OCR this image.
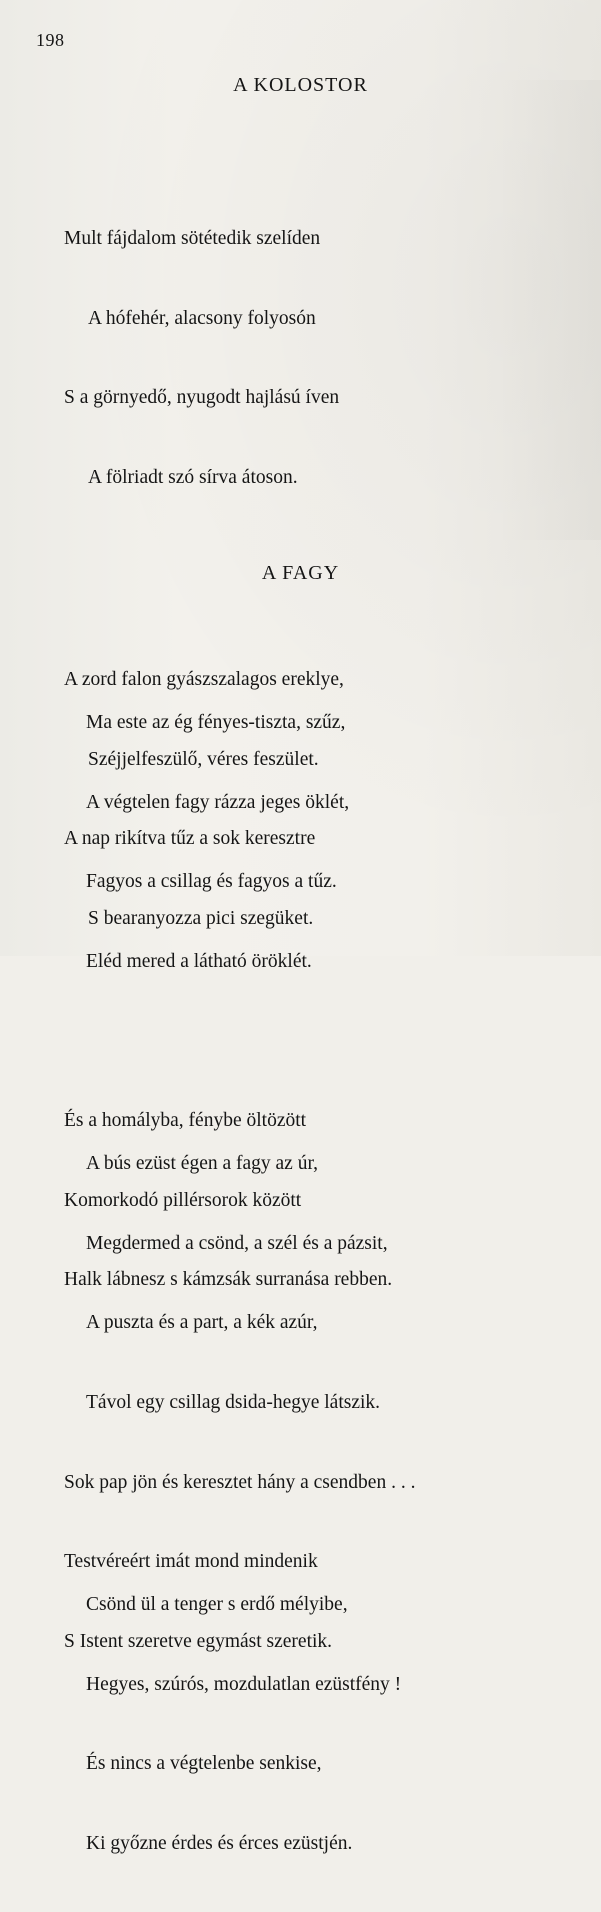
198
A KOLOSTOR

Mult fájdalom sötétedik szelíden

A hófehér, alacsony folyosón

S a görnyedő, nyugodt hajlású íven

A fölriadt szó sírva átoson.

A zord falon gyászszalagos ereklye,

Széjjelfeszülő, véres feszület.

A nap rikítva tűz a sok keresztre

S bearanyozza pici szegüket.

És a homályba, fénybe öltözött

Komorkodó pillérsorok között

Halk lábnesz s kámzsák surranása rebben.

Sok pap jön és keresztet hány a csendben . . .

Testvéreért imát mond mindenik

S Istent szeretve egymást szeretik.

A FAGY

Ma este az ég fényes-tiszta, szűz,

A végtelen fagy rázza jeges öklét,

Fagyos a csillag és fagyos a tűz.

Eléd mered a látható öröklét.

A bús ezüst égen a fagy az úr,

Megdermed a csönd, a szél és a pázsit,

A puszta és a part, a kék azúr,

Távol egy csillag dsida-hegye látszik.

Csönd ül a tenger s erdő mélyibe,

Hegyes, szúrós, mozdulatlan ezüstfény !

És nincs a végtelenbe senkise,

Ki győzne érdes és érces ezüstjén.
